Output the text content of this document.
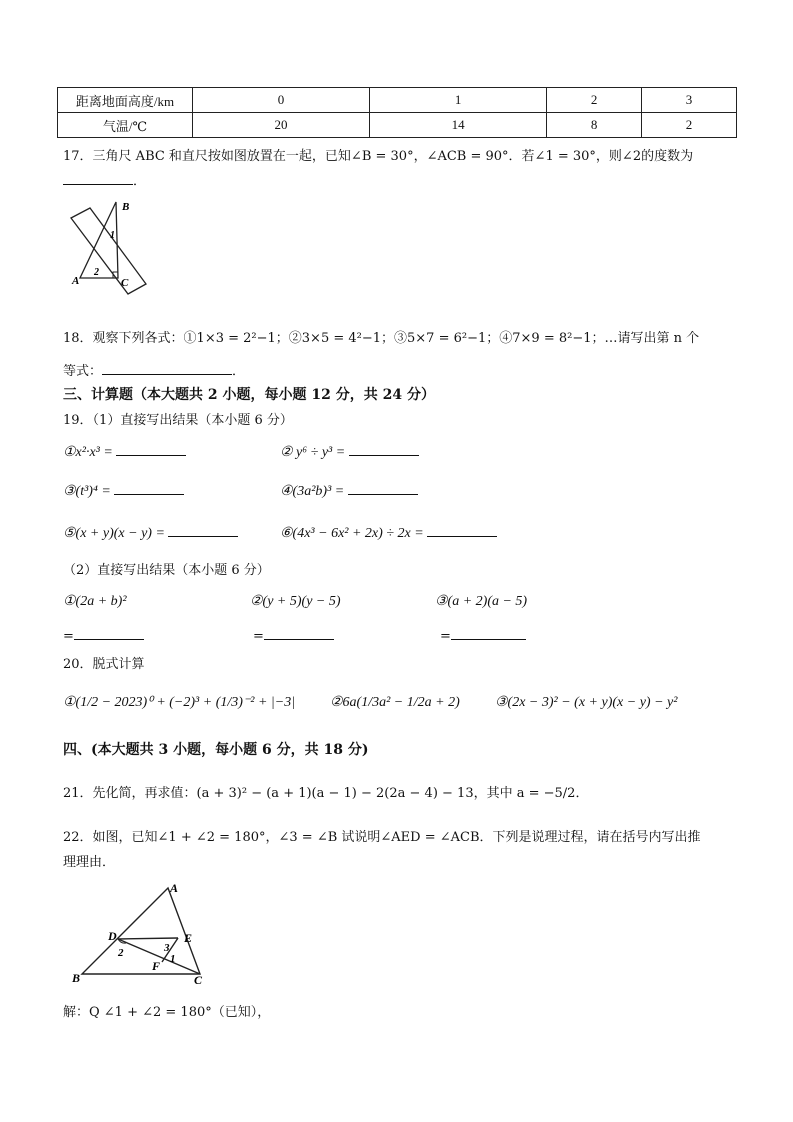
距离地面高度/km	0	1	2	3
气温/℃	20	14	8	2
17．三角尺 ABC 和直尺按如图放置在一起，已知∠B = 30°，∠ACB = 90°．若∠1 = 30°，则∠2的度数为
．
B
A	C
1
2
18．观察下列各式：①1×3 = 2²−1；②3×5 = 4²−1；③5×7 = 6²−1；④7×9 = 8²−1；…请写出第 n 个
等式：	．
三、计算题（本大题共 2 小题，每小题 12 分，共 24 分）
19．（1）直接写出结果（本小题 6 分）
①x²·x³ =	② y⁶ ÷ y³ =
③(t³)⁴ =	④(3a²b)³ =
⑤(x + y)(x − y) =	⑥(4x³ − 6x² + 2x) ÷ 2x =
（2）直接写出结果（本小题 6 分）
①(2a + b)²	②(y + 5)(y − 5)	③(a + 2)(a − 5)
=	=	=
20．脱式计算
①(1/2 − 2023)⁰ + (−2)³ + (1/3)⁻² + |−3| ②6a(1/3a² − 1/2a + 2)	③(2x − 3)² − (x + y)(x − y) − y²
四、(本大题共 3 小题，每小题 6 分，共 18 分)
21．先化简，再求值：(a + 3)² − (a + 1)(a − 1) − 2(2a − 4) − 13，其中 a = −5/2．
22．如图，已知∠1 + ∠2 = 180°，∠3 = ∠B 试说明∠AED = ∠ACB．下列是说理过程，请在括号内写出推
理理由．
A
B	C
D	E
F 1
2	3
解：Q ∠1 + ∠2 = 180°（已知），
